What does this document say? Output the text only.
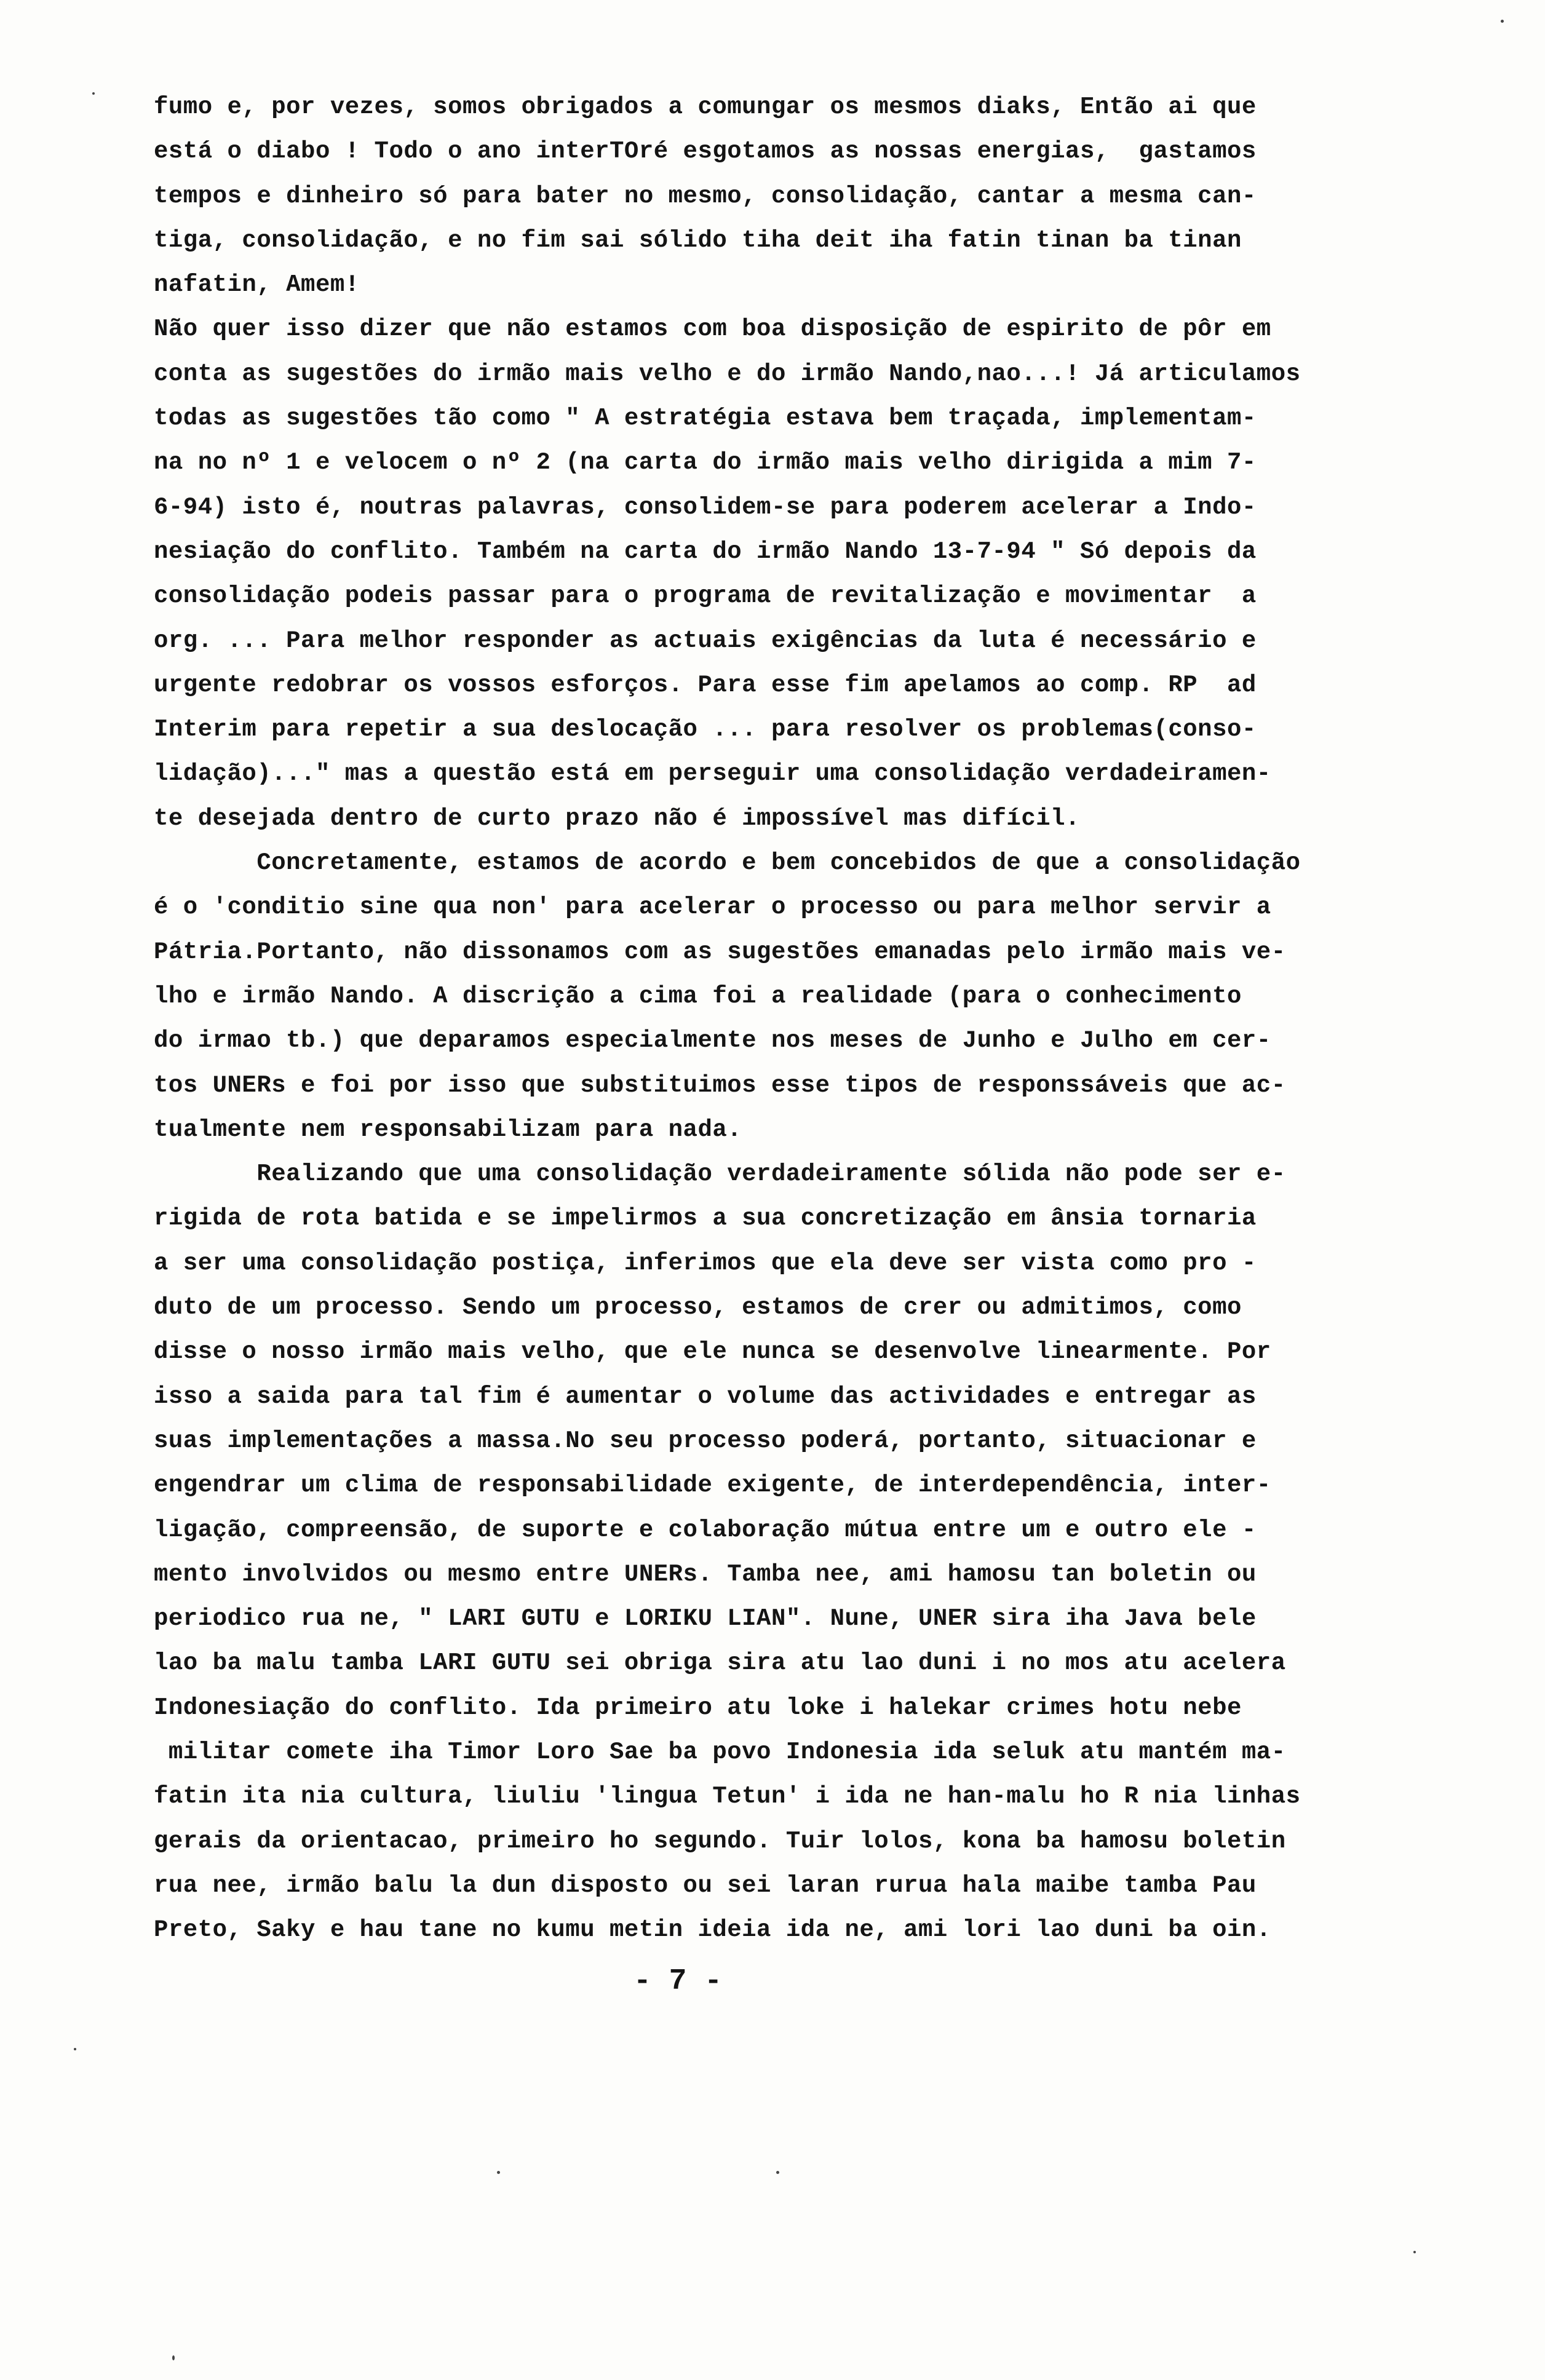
fumo e, por vezes, somos obrigados a comungar os mesmos diaks, Então ai que
está o diabo ! Todo o ano interTOré esgotamos as nossas energias,  gastamos
tempos e dinheiro só para bater no mesmo, consolidação, cantar a mesma can-
tiga, consolidação, e no fim sai sólido tiha deit iha fatin tinan ba tinan
nafatin, Amem!
Não quer isso dizer que não estamos com boa disposição de espirito de pôr em
conta as sugestões do irmão mais velho e do irmão Nando,nao...! Já articulamos
todas as sugestões tão como " A estratégia estava bem traçada, implementam-
na no nº 1 e velocem o nº 2 (na carta do irmão mais velho dirigida a mim 7-
6-94) isto é, noutras palavras, consolidem-se para poderem acelerar a Indo-
nesiação do conflito. Também na carta do irmão Nando 13-7-94 " Só depois da
consolidação podeis passar para o programa de revitalização e movimentar  a
org. ... Para melhor responder as actuais exigências da luta é necessário e
urgente redobrar os vossos esforços. Para esse fim apelamos ao comp. RP  ad
Interim para repetir a sua deslocação ... para resolver os problemas(conso-
lidação)..." mas a questão está em perseguir uma consolidação verdadeiramen-
te desejada dentro de curto prazo não é impossível mas difícil.
Concretamente, estamos de acordo e bem concebidos de que a consolidação
é o 'conditio sine qua non' para acelerar o processo ou para melhor servir a
Pátria.Portanto, não dissonamos com as sugestões emanadas pelo irmão mais ve-
lho e irmão Nando. A discrição a cima foi a realidade (para o conhecimento
do irmao tb.) que deparamos especialmente nos meses de Junho e Julho em cer-
tos UNERs e foi por isso que substituimos esse tipos de responssáveis que ac-
tualmente nem responsabilizam para nada.
Realizando que uma consolidação verdadeiramente sólida não pode ser e-
rigida de rota batida e se impelirmos a sua concretização em ânsia tornaria
a ser uma consolidação postiça, inferimos que ela deve ser vista como pro -
duto de um processo. Sendo um processo, estamos de crer ou admitimos, como
disse o nosso irmão mais velho, que ele nunca se desenvolve linearmente. Por
isso a saida para tal fim é aumentar o volume das actividades e entregar as
suas implementações a massa.No seu processo poderá, portanto, situacionar e
engendrar um clima de responsabilidade exigente, de interdependência, inter-
ligação, compreensão, de suporte e colaboração mútua entre um e outro ele -
mento involvidos ou mesmo entre UNERs. Tamba nee, ami hamosu tan boletin ou
periodico rua ne, " LARI GUTU e LORIKU LIAN". Nune, UNER sira iha Java bele
lao ba malu tamba LARI GUTU sei obriga sira atu lao duni i no mos atu acelera
Indonesiação do conflito. Ida primeiro atu loke i halekar crimes hotu nebe
militar comete iha Timor Loro Sae ba povo Indonesia ida seluk atu mantém ma-
fatin ita nia cultura, liuliu 'lingua Tetun' i ida ne han-malu ho R nia linhas
gerais da orientacao, primeiro ho segundo. Tuir lolos, kona ba hamosu boletin
rua nee, irmão balu la dun disposto ou sei laran rurua hala maibe tamba Pau
Preto, Saky e hau tane no kumu metin ideia ida ne, ami lori lao duni ba oin.
- 7 -
